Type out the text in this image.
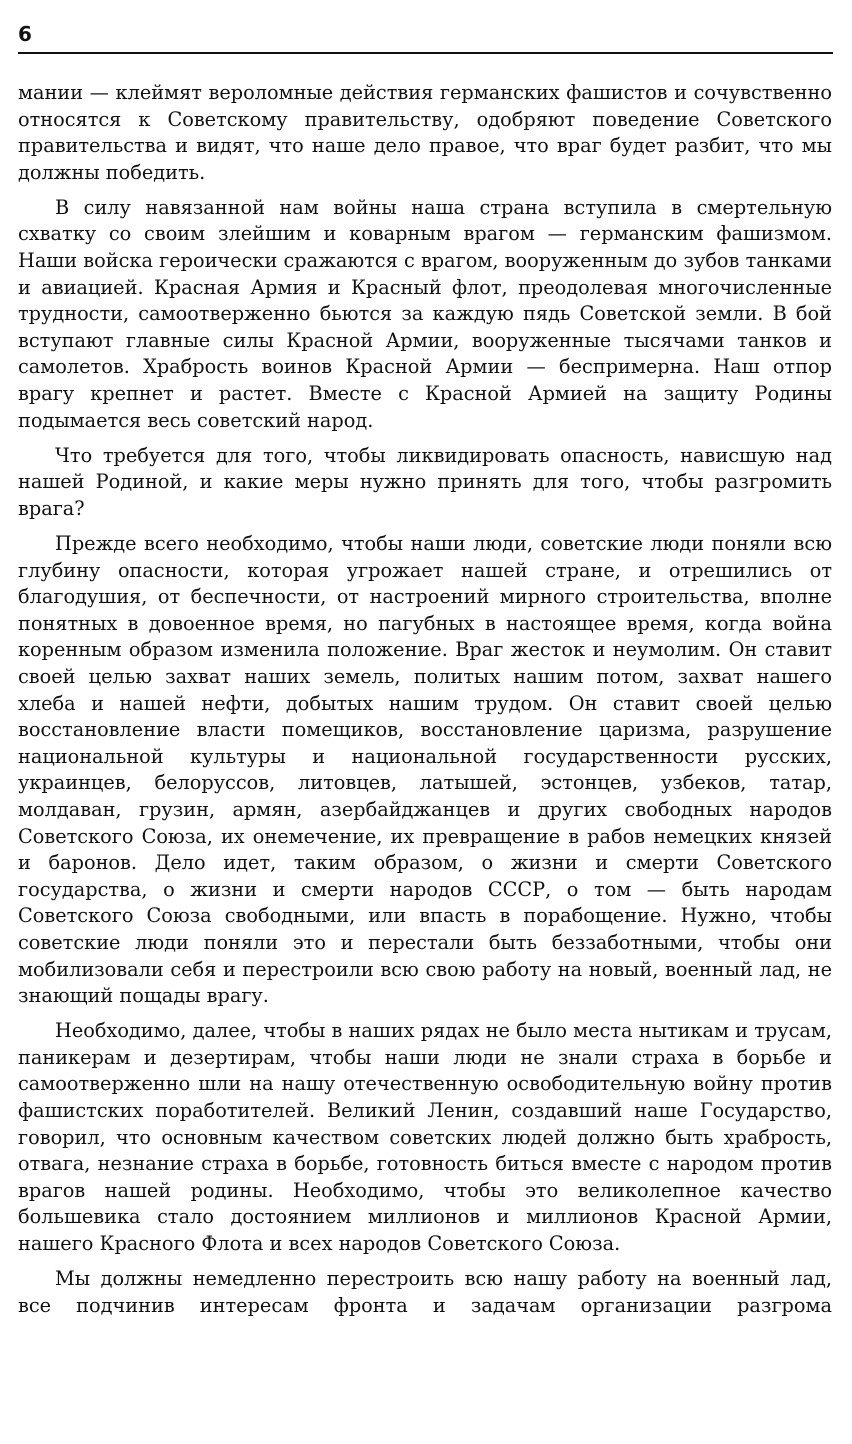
6

мании — клеймят вероломные действия германских фашистов и сочувственно относятся к Советскому правительству, одобряют поведение Советского правительства и видят, что наше дело правое, что враг будет разбит, что мы должны победить.

В силу навязанной нам войны наша страна вступила в смертельную схватку со своим злейшим и коварным врагом — германским фашизмом. Наши войска героически сражаются с врагом, вооруженным до зубов танками и авиацией. Красная Армия и Красный флот, преодолевая многочисленные трудности, самоотверженно бьются за каждую пядь Советской земли. В бой вступают главные силы Красной Армии, вооруженные тысячами танков и самолетов. Храбрость воинов Красной Армии — беспримерна. Наш отпор врагу крепнет и растет. Вместе с Красной Армией на защиту Родины подымается весь советский народ.

Что требуется для того, чтобы ликвидировать опасность, нависшую над нашей Родиной, и какие меры нужно принять для того, чтобы разгромить врага?

Прежде всего необходимо, чтобы наши люди, советские люди поняли всю глубину опасности, которая угрожает нашей стране, и отрешились от благодушия, от беспечности, от настроений мирного строительства, вполне понятных в довоенное время, но пагубных в настоящее время, когда война коренным образом изменила положение. Враг жесток и неумолим. Он ставит своей целью захват наших земель, политых нашим потом, захват нашего хлеба и нашей нефти, добытых нашим трудом. Он ставит своей целью восстановление власти помещиков, восстановление царизма, разрушение национальной культуры и национальной государственности русских, украинцев, белоруссов, литовцев, латышей, эстонцев, узбеков, татар, молдаван, грузин, армян, азербайджанцев и других свободных народов Советского Союза, их онемечение, их превращение в рабов немецких князей и баронов. Дело идет, таким образом, о жизни и смерти Советского государства, о жизни и смерти народов СССР, о том — быть народам Советского Союза свободными, или впасть в порабощение. Нужно, чтобы советские люди поняли это и перестали быть беззаботными, чтобы они мобилизовали себя и перестроили всю свою работу на новый, военный лад, не знающий пощады врагу.

Необходимо, далее, чтобы в наших рядах не было места нытикам и трусам, паникерам и дезертирам, чтобы наши люди не знали страха в борьбе и самоотверженно шли на нашу отечественную освободительную войну против фашистских поработителей. Великий Ленин, создавший наше Государство, говорил, что основным качеством советских людей должно быть храбрость, отвага, незнание страха в борьбе, готовность биться вместе с народом против врагов нашей родины. Необходимо, чтобы это великолепное качество большевика стало достоянием миллионов и миллионов Красной Армии, нашего Красного Флота и всех народов Советского Союза.

Мы должны немедленно перестроить всю нашу работу на военный лад, все подчинив интересам фронта и задачам организации разгрома
